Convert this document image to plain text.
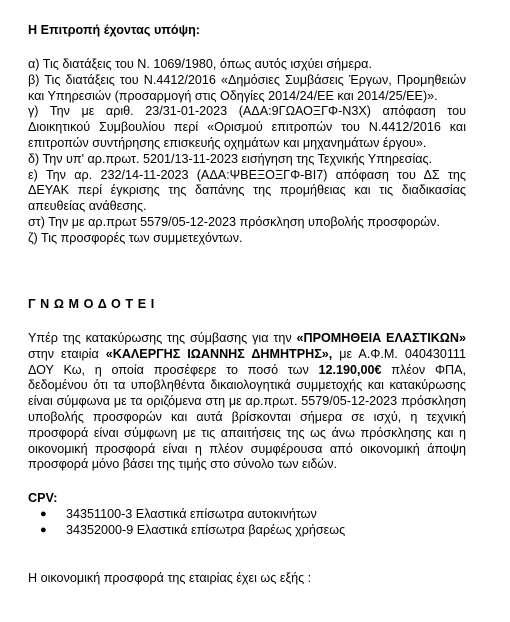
Η Επιτροπή έχοντας υπόψη:

α) Τις διατάξεις του Ν. 1069/1980, όπως αυτός ισχύει σήμερα.

β) Τις διατάξεις του Ν.4412/2016 «Δημόσιες Συμβάσεις Έργων, Προμηθειών και Υπηρεσιών (προσαρμογή στις Οδηγίες 2014/24/ΕΕ και 2014/25/ΕΕ)».

γ) Την με αριθ. 23/31-01-2023 (ΑΔΑ:9ΓΩΑΟΞΓΦ-Ν3Χ) απόφαση του Διοικητικού Συμβουλίου περί «Ορισμού επιτροπών του Ν.4412/2016 και επιτροπών συντήρησης επισκευής οχημάτων και μηχανημάτων έργου».

δ) Την υπ' αρ.πρωτ. 5201/13-11-2023 εισήγηση της Τεχνικής Υπηρεσίας.

ε) Την αρ. 232/14-11-2023 (ΑΔΑ:ΨΒΕΞΟΞΓΦ-ΒΙ7) απόφαση του ΔΣ της ΔΕΥΑΚ περί έγκρισης της δαπάνης της προμήθειας και τις διαδικασίας απευθείας ανάθεσης.

στ) Την με αρ.πρωτ 5579/05-12-2023 πρόσκληση υποβολής προσφορών.

ζ) Τις προσφορές των συμμετεχόντων.

ΓΝΩΜΟΔΟΤΕΙ

Υπέρ της κατακύρωσης της σύμβασης για την «ΠΡΟΜΗΘΕΙΑ ΕΛΑΣΤΙΚΩΝ» στην εταιρία «ΚΑΛΕΡΓΗΣ ΙΩΑΝΝΗΣ ΔΗΜΗΤΡΗΣ», με Α.Φ.Μ. 040430111 ΔΟΥ Κω, η οποία προσέφερε το ποσό των 12.190,00€ πλέον ΦΠΑ, δεδομένου ότι τα υποβληθέντα δικαιολογητικά συμμετοχής και κατακύρωσης είναι σύμφωνα με τα οριζόμενα στη με αρ.πρωτ. 5579/05-12-2023 πρόσκληση υποβολής προσφορών και αυτά βρίσκονται σήμερα σε ισχύ, η τεχνική προσφορά είναι σύμφωνη με τις απαιτήσεις της ως άνω πρόσκλησης και η οικονομική προσφορά είναι η πλέον συμφέρουσα από οικονομική άποψη προσφορά μόνο βάσει της τιμής στο σύνολο των ειδών.

CPV:

● 34351100-3 Ελαστικά επίσωτρα αυτοκινήτων
● 34352000-9 Ελαστικά επίσωτρα βαρέως χρήσεως

Η οικονομική προσφορά της εταιρίας έχει ως εξής :
